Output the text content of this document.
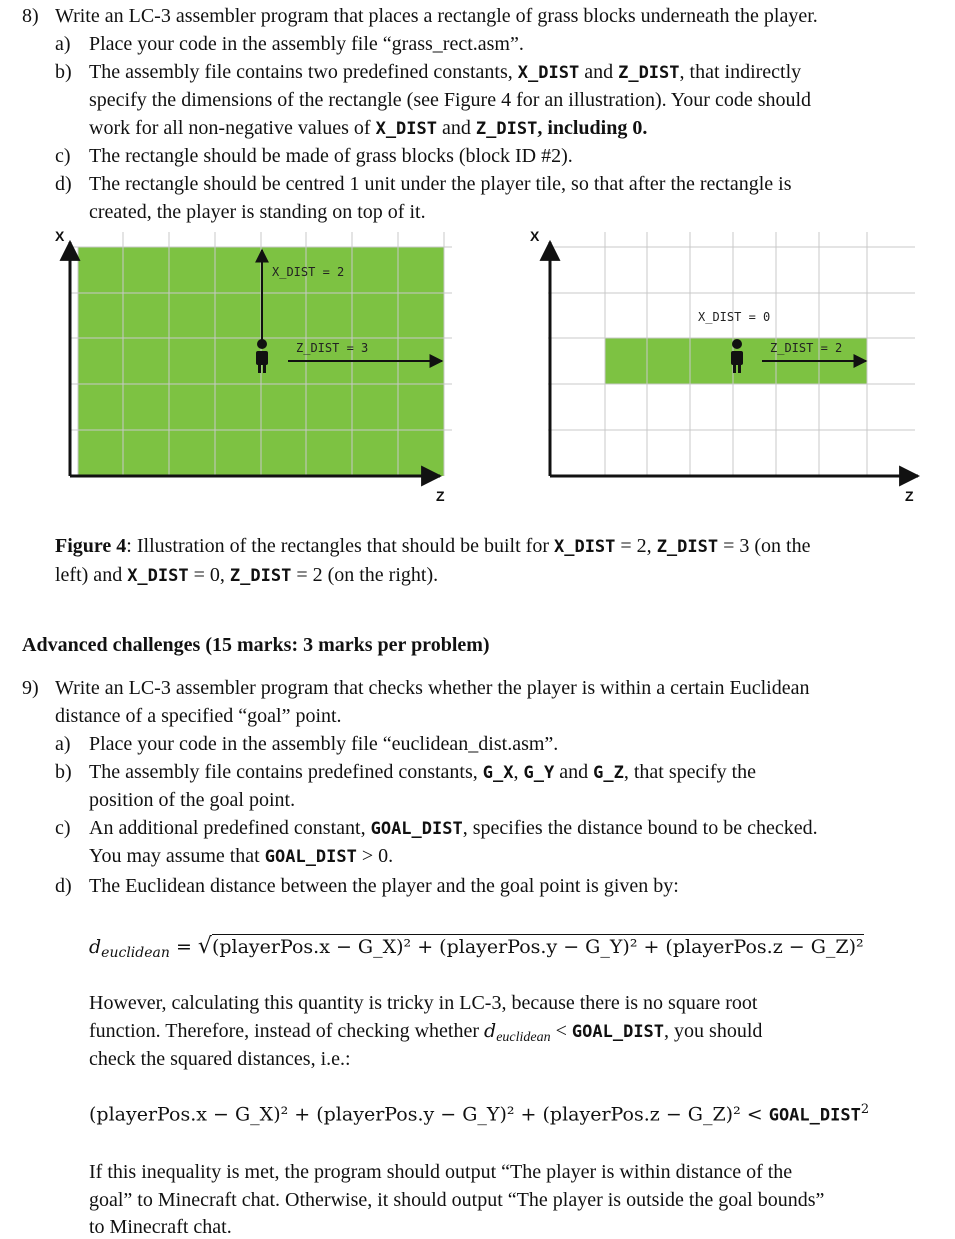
8) Write an LC-3 assembler program that places a rectangle of grass blocks underneath the player.
a) Place your code in the assembly file “grass_rect.asm”.
b) The assembly file contains two predefined constants, X_DIST and Z_DIST, that indirectly
specify the dimensions of the rectangle (see Figure 4 for an illustration). Your code should
work for all non-negative values of X_DIST and Z_DIST, including 0.
c) The rectangle should be made of grass blocks (block ID #2).
d) The rectangle should be centred 1 unit under the player tile, so that after the rectangle is
created, the player is standing on top of it.
X
Z
X_DIST = 2
Z_DIST = 3
X
Z
X_DIST = 0
Z_DIST = 2
Figure 4: Illustration of the rectangles that should be built for X_DIST = 2, Z_DIST = 3 (on the
left) and X_DIST = 0, Z_DIST = 2 (on the right).
Advanced challenges (15 marks: 3 marks per problem)
9) Write an LC-3 assembler program that checks whether the player is within a certain Euclidean
distance of a specified “goal” point.
a) Place your code in the assembly file “euclidean_dist.asm”.
b) The assembly file contains predefined constants, G_X, G_Y and G_Z, that specify the
position of the goal point.
c) An additional predefined constant, GOAL_DIST, specifies the distance bound to be checked.
You may assume that GOAL_DIST > 0.
d) The Euclidean distance between the player and the goal point is given by:
$d_{euclidean}$ = √(playerPos.x − G_X)² + (playerPos.y − G_Y)² + (playerPos.z − G_Z)²
However, calculating this quantity is tricky in LC-3, because there is no square root
function. Therefore, instead of checking whether $d_{euclidean}$ < GOAL_DIST, you should
check the squared distances, i.e.:
(playerPos.x − G_X)² + (playerPos.y − G_Y)² + (playerPos.z − G_Z)² < $GOAL\_DIST^2$
If this inequality is met, the program should output “The player is within distance of the
goal” to Minecraft chat. Otherwise, it should output “The player is outside the goal bounds”
to Minecraft chat.
